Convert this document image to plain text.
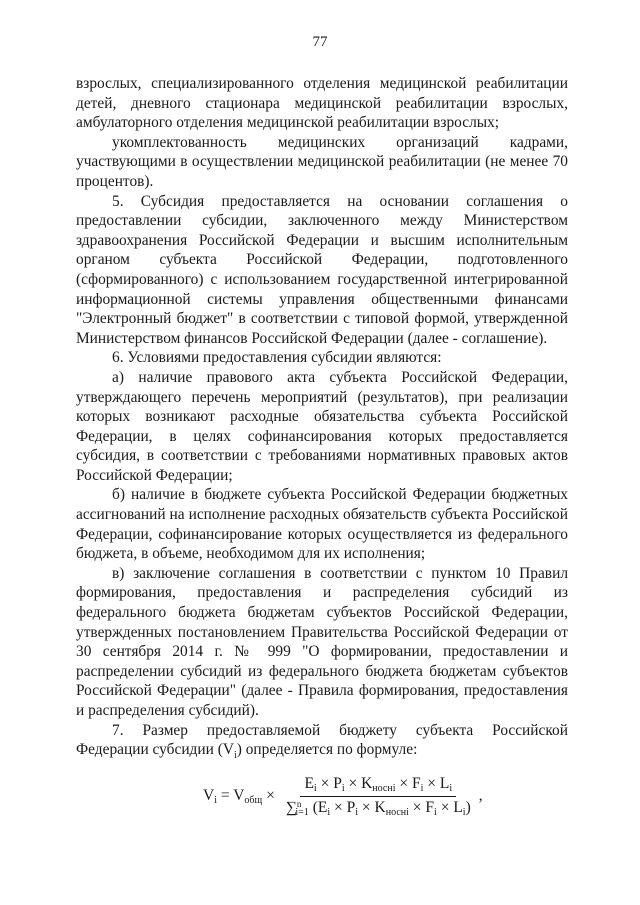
77

взрослых, специализированного отделения медицинской реабилитации детей, дневного стационара медицинской реабилитации взрослых, амбулаторного отделения медицинской реабилитации взрослых;

укомплектованность медицинских организаций кадрами, участвующими в осуществлении медицинской реабилитации (не менее 70 процентов).

5. Субсидия предоставляется на основании соглашения о предоставлении субсидии, заключенного между Министерством здравоохранения Российской Федерации и высшим исполнительным органом субъекта Российской Федерации, подготовленного (сформированного) с использованием государственной интегрированной информационной системы управления общественными финансами "Электронный бюджет" в соответствии с типовой формой, утвержденной Министерством финансов Российской Федерации (далее - соглашение).

6. Условиями предоставления субсидии являются:

а) наличие правового акта субъекта Российской Федерации, утверждающего перечень мероприятий (результатов), при реализации которых возникают расходные обязательства субъекта Российской Федерации, в целях софинансирования которых предоставляется субсидия, в соответствии с требованиями нормативных правовых актов Российской Федерации;

б) наличие в бюджете субъекта Российской Федерации бюджетных ассигнований на исполнение расходных обязательств субъекта Российской Федерации, софинансирование которых осуществляется из федерального бюджета, в объеме, необходимом для их исполнения;

в) заключение соглашения в соответствии с пунктом 10 Правил формирования, предоставления и распределения субсидий из федерального бюджета бюджетам субъектов Российской Федерации, утвержденных постановлением Правительства Российской Федерации от 30 сентября 2014 г. № 999 "О формировании, предоставлении и распределении субсидий из федерального бюджета бюджетам субъектов Российской Федерации" (далее - Правила формирования, предоставления и распределения субсидий).

7. Размер предоставляемой бюджету субъекта Российской Федерации субсидии $(V_i)$ определяется по формуле:

$V_i = V_{общ}$ ×
$E_i \times P_i \times K_{носнi} \times F_i \times L_i$
∑$^n_{i=1}$ $(E_i \times P_i \times K_{носнi} \times F_i \times L_i)$
,
